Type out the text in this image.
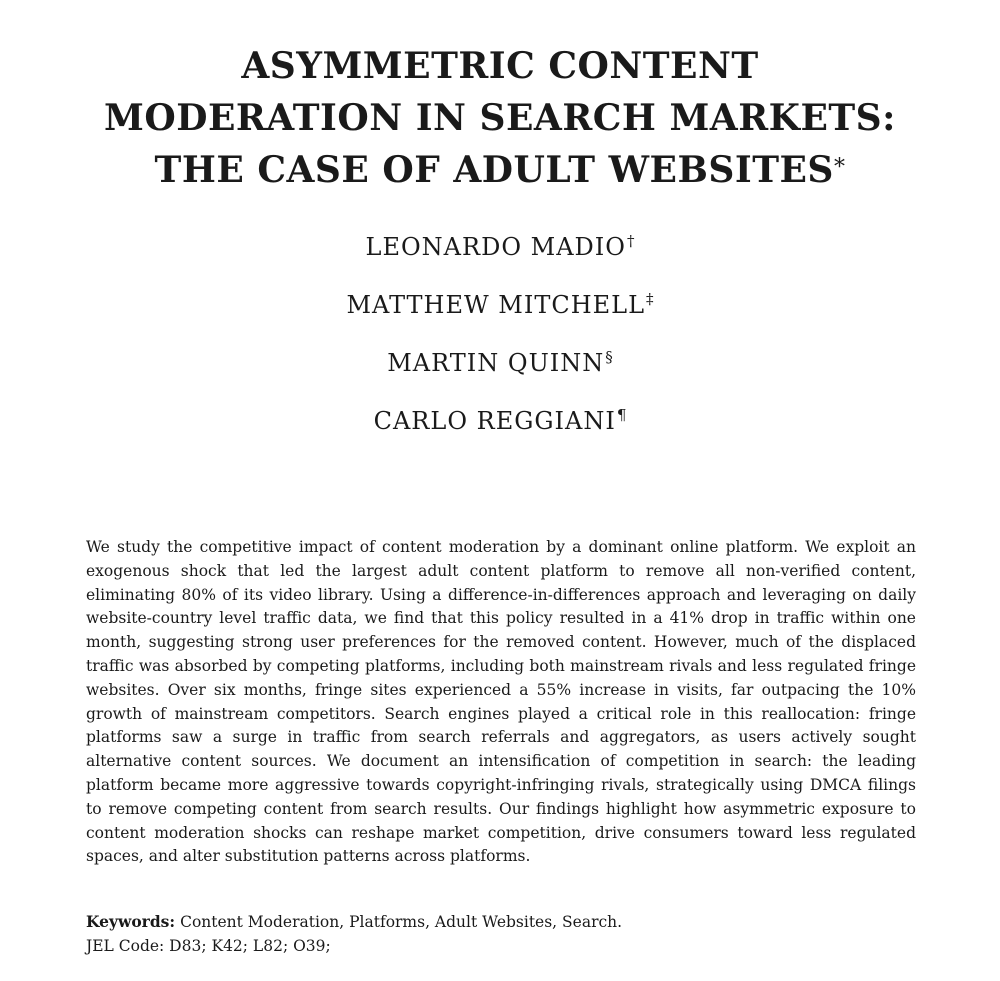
ASYMMETRIC CONTENT
MODERATION IN SEARCH MARKETS:
THE CASE OF ADULT WEBSITES*
LEONARDO MADIO†
MATTHEW MITCHELL‡
MARTIN QUINN§
CARLO REGGIANI¶

We study the competitive impact of content moderation by a dominant online platform. We exploit an exogenous shock that led the largest adult content platform to remove all non-verified content, eliminating 80% of its video library. Using a difference-in-differences approach and leveraging on daily website-country level traffic data, we find that this policy resulted in a 41% drop in traffic within one month, suggesting strong user preferences for the removed content. However, much of the displaced traffic was absorbed by competing platforms, including both mainstream rivals and less regulated fringe websites. Over six months, fringe sites experienced a 55% increase in visits, far outpacing the 10% growth of mainstream competitors. Search engines played a critical role in this reallocation: fringe platforms saw a surge in traffic from search referrals and aggregators, as users actively sought alternative content sources. We document an intensification of competition in search: the leading platform became more aggressive towards copyright-infringing rivals, strategically using DMCA filings to remove competing content from search results. Our findings highlight how asymmetric exposure to content moderation shocks can reshape market competition, drive consumers toward less regulated spaces, and alter substitution patterns across platforms.

Keywords: Content Moderation, Platforms, Adult Websites, Search.

JEL Code: D83; K42; L82; O39;
